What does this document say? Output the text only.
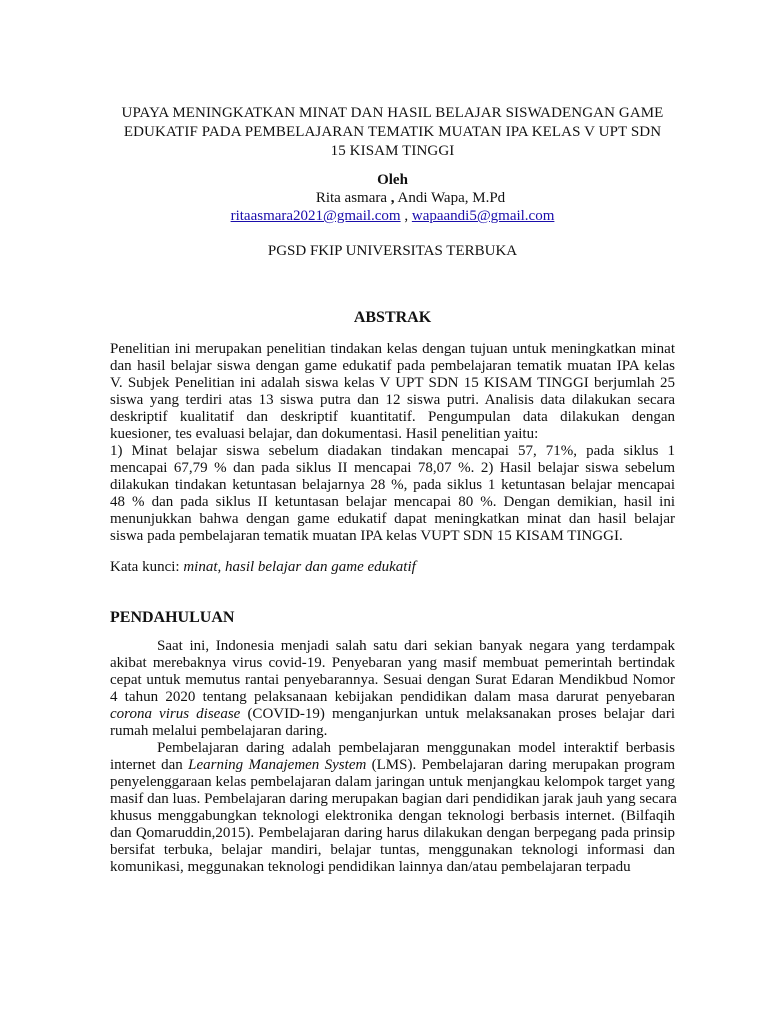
UPAYA MENINGKATKAN MINAT DAN HASIL BELAJAR SISWADENGAN GAME
EDUKATIF PADA PEMBELAJARAN TEMATIK MUATAN IPA KELAS V UPT SDN
15 KISAM TINGGI
Oleh
Rita asmara , Andi Wapa, M.Pd
ritaasmara2021@gmail.com , wapaandi5@gmail.com
PGSD FKIP UNIVERSITAS TERBUKA
ABSTRAK
Penelitian ini merupakan penelitian tindakan kelas dengan tujuan untuk meningkatkan minat
dan hasil belajar siswa dengan game edukatif pada pembelajaran tematik muatan IPA kelas
V. Subjek Penelitian ini adalah siswa kelas V UPT SDN 15 KISAM TINGGI berjumlah 25
siswa yang terdiri atas 13 siswa putra dan 12 siswa putri. Analisis data dilakukan secara
deskriptif kualitatif dan deskriptif kuantitatif. Pengumpulan data dilakukan dengan
kuesioner, tes evaluasi belajar, dan dokumentasi. Hasil penelitian yaitu:
1) Minat belajar siswa sebelum diadakan tindakan mencapai 57, 71%, pada siklus 1
mencapai 67,79 % dan pada siklus II mencapai 78,07 %. 2) Hasil belajar siswa sebelum
dilakukan tindakan ketuntasan belajarnya 28 %, pada siklus 1 ketuntasan belajar mencapai
48 % dan pada siklus II ketuntasan belajar mencapai 80 %. Dengan demikian, hasil ini
menunjukkan bahwa dengan game edukatif dapat meningkatkan minat dan hasil belajar
siswa pada pembelajaran tematik muatan IPA kelas VUPT SDN 15 KISAM TINGGI.
Kata kunci: minat, hasil belajar dan game edukatif
PENDAHULUAN
Saat ini, Indonesia menjadi salah satu dari sekian banyak negara yang terdampak
akibat merebaknya virus covid-19. Penyebaran yang masif membuat pemerintah bertindak
cepat untuk memutus rantai penyebarannya. Sesuai dengan Surat Edaran Mendikbud Nomor
4 tahun 2020 tentang pelaksanaan kebijakan pendidikan dalam masa darurat penyebaran
corona virus disease (COVID-19) menganjurkan untuk melaksanakan proses belajar dari
rumah melalui pembelajaran daring.
Pembelajaran daring adalah pembelajaran menggunakan model interaktif berbasis
internet dan Learning Manajemen System (LMS). Pembelajaran daring merupakan program
penyelenggaraan kelas pembelajaran dalam jaringan untuk menjangkau kelompok target yang
masif dan luas. Pembelajaran daring merupakan bagian dari pendidikan jarak jauh yang secara
khusus menggabungkan teknologi elektronika dengan teknologi berbasis internet. (Bilfaqih
dan Qomaruddin,2015). Pembelajaran daring harus dilakukan dengan berpegang pada prinsip
bersifat terbuka, belajar mandiri, belajar tuntas, menggunakan teknologi informasi dan
komunikasi, meggunakan teknologi pendidikan lainnya dan/atau pembelajaran terpadu
